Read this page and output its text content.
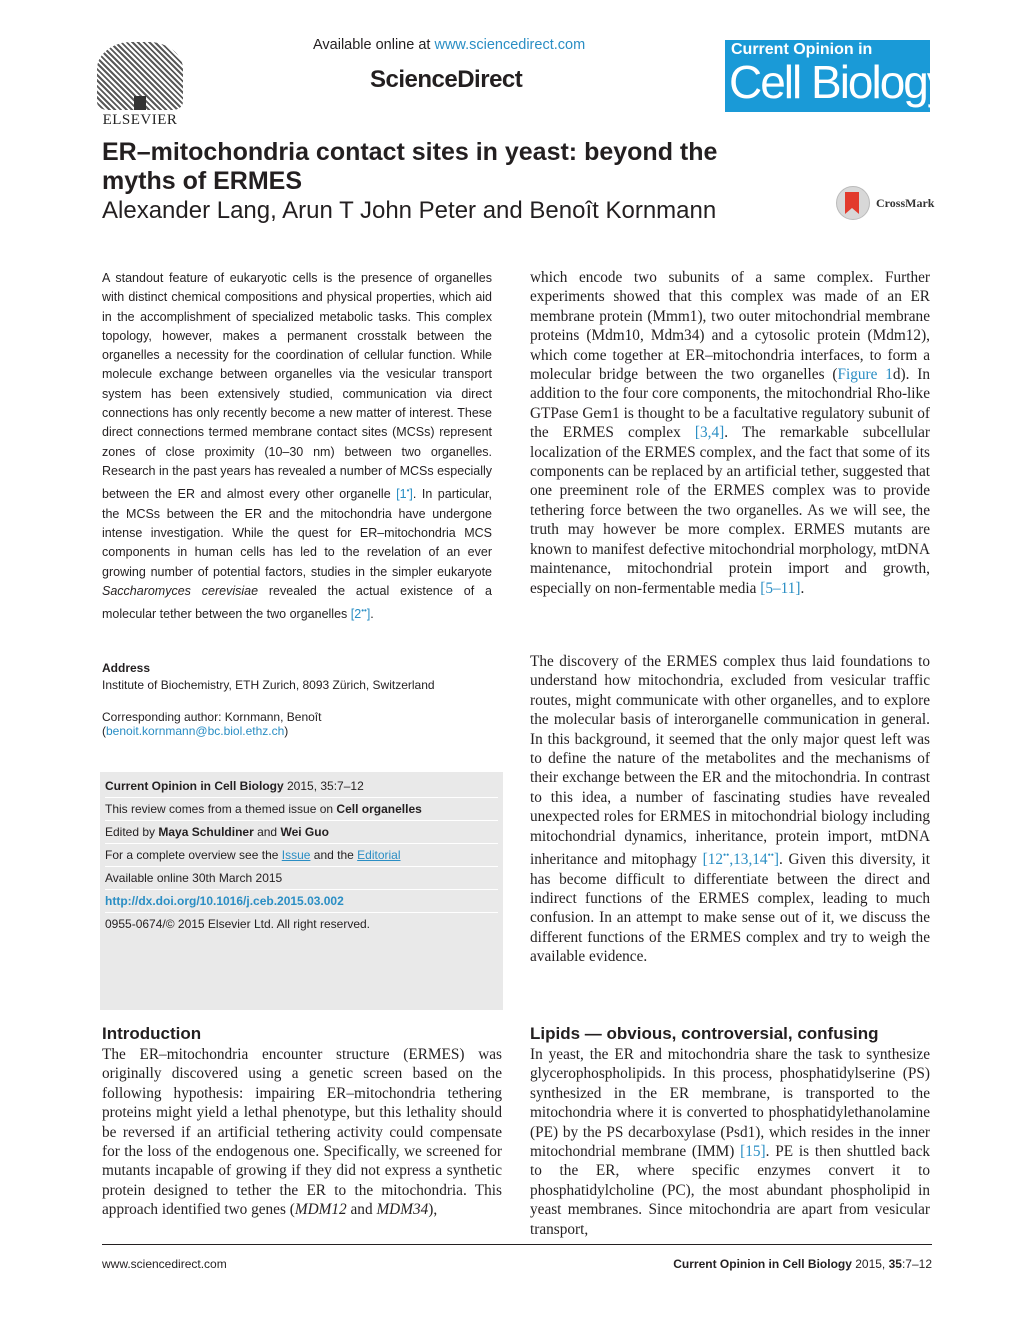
ELSEVIER
Available online at www.sciencedirect.com
ScienceDirect
Current Opinion in
Cell Biology
ER–mitochondria contact sites in yeast: beyond the
myths of ERMES
Alexander Lang, Arun T John Peter and Benoît Kornmann	CrossMark

A standout feature of eukaryotic cells is the presence of organelles with distinct chemical compositions and physical properties, which aid in the accomplishment of specialized metabolic tasks. This complex topology, however, makes a permanent crosstalk between the organelles a necessity for the coordination of cellular function. While molecule exchange between organelles via the vesicular transport system has been extensively studied, communication via direct connections has only recently become a new matter of interest. These direct connections termed membrane contact sites (MCSs) represent zones of close proximity (10–30 nm) between two organelles. Research in the past years has revealed a number of MCSs especially between the ER and almost every other organelle [1•]. In particular, the MCSs between the ER and the mitochondria have undergone intense investigation. While the quest for ER–mitochondria MCS components in human cells has led to the revelation of an ever growing number of potential factors, studies in the simpler eukaryote Saccharomyces cerevisiae revealed the actual existence of a molecular tether between the two organelles [2••].

Address
Institute of Biochemistry, ETH Zurich, 8093 Zürich, Switzerland
Corresponding author: Kornmann, Benoît
(benoit.kornmann@bc.biol.ethz.ch)
Current Opinion in Cell Biology 2015, 35:7–12
This review comes from a themed issue on Cell organelles
Edited by Maya Schuldiner and Wei Guo
For a complete overview see the Issue and the Editorial
Available online 30th March 2015
http://dx.doi.org/10.1016/j.ceb.2015.03.002
0955-0674/© 2015 Elsevier Ltd. All right reserved.

which encode two subunits of a same complex. Further experiments showed that this complex was made of an ER membrane protein (Mmm1), two outer mitochondrial membrane proteins (Mdm10, Mdm34) and a cytosolic protein (Mdm12), which come together at ER–mitochondria interfaces, to form a molecular bridge between the two organelles (Figure 1d). In addition to the four core components, the mitochondrial Rho-like GTPase Gem1 is thought to be a facultative regulatory subunit of the ERMES complex [3,4]. The remarkable subcellular localization of the ERMES complex, and the fact that some of its components can be replaced by an artificial tether, suggested that one preeminent role of the ERMES complex was to provide tethering force between the two organelles. As we will see, the truth may however be more complex. ERMES mutants are known to manifest defective mitochondrial morphology, mtDNA maintenance, mitochondrial protein import and growth, especially on non-fermentable media [5–11].

The discovery of the ERMES complex thus laid foundations to understand how mitochondria, excluded from vesicular traffic routes, might communicate with other organelles, and to explore the molecular basis of interorganelle communication in general. In this background, it seemed that the only major quest left was to define the nature of the metabolites and the mechanisms of their exchange between the ER and the mitochondria. In contrast to this idea, a number of fascinating studies have revealed unexpected roles for ERMES in mitochondrial biology including mitochondrial dynamics, inheritance, protein import, mtDNA inheritance and mitophagy [12••,13,14••]. Given this diversity, it has become difficult to differentiate between the direct and indirect functions of the ERMES complex, leading to much confusion. In an attempt to make sense out of it, we discuss the different functions of the ERMES complex and try to weigh the available evidence.

Introduction
The ER–mitochondria encounter structure (ERMES) was originally discovered using a genetic screen based on the following hypothesis: impairing ER–mitochondria tethering proteins might yield a lethal phenotype, but this lethality should be reversed if an artificial tethering activity could compensate for the loss of the endogenous one. Specifically, we screened for mutants incapable of growing if they did not express a synthetic protein designed to tether the ER to the mitochondria. This approach identified two genes (MDM12 and MDM34),
Lipids — obvious, controversial, confusing

In yeast, the ER and mitochondria share the task to synthesize glycerophospholipids. In this process, phosphatidylserine (PS) synthesized in the ER membrane, is transported to the mitochondria where it is converted to phosphatidylethanolamine (PE) by the PS decarboxylase (Psd1), which resides in the inner mitochondrial membrane (IMM) [15]. PE is then shuttled back to the ER, where specific enzymes convert it to phosphatidylcholine (PC), the most abundant phospholipid in yeast membranes. Since mitochondria are apart from vesicular transport,

www.sciencedirect.com	Current Opinion in Cell Biology 2015, 35:7–12
